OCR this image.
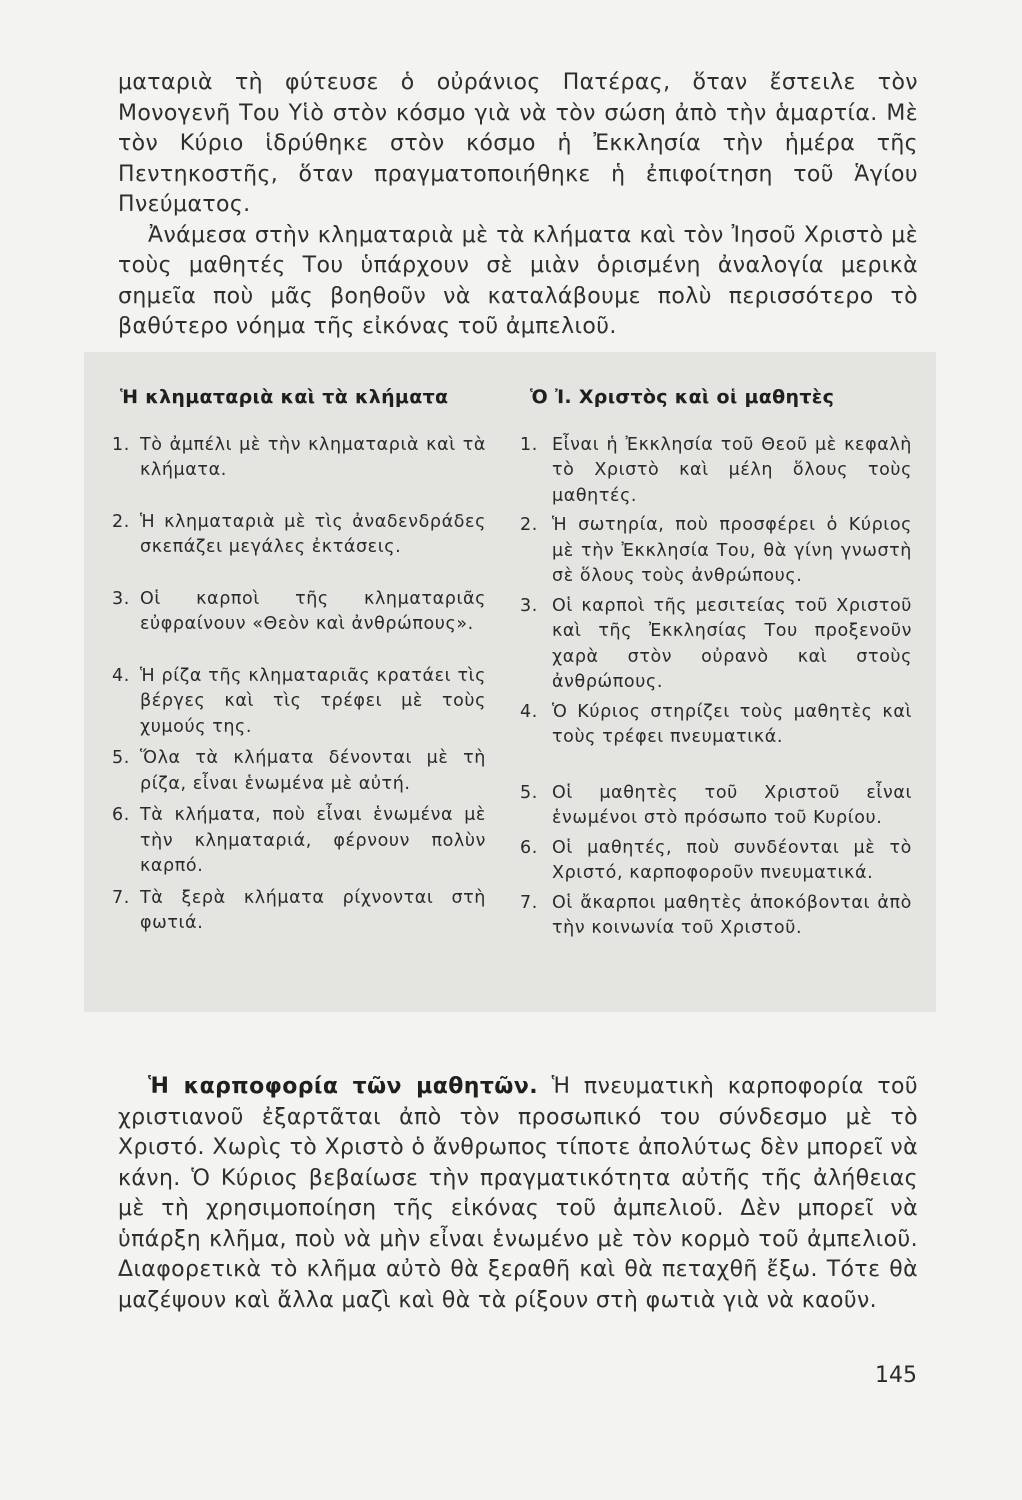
ματαριὰ τὴ φύτευσε ὁ οὐράνιος Πατέρας, ὅταν ἔστειλε τὸν Μονογενῆ Του Υἱὸ στὸν κόσμο γιὰ νὰ τὸν σώση ἀπὸ τὴν ἁμαρτία. Μὲ τὸν Κύριο ἱδρύθηκε στὸν κόσμο ἡ Ἐκκλησία τὴν ἡμέρα τῆς Πεντηκοστῆς, ὅταν πραγματοποιήθηκε ἡ ἐπιφοίτηση τοῦ Ἁγίου Πνεύματος.

Ἀνάμεσα στὴν κληματαριὰ μὲ τὰ κλήματα καὶ τὸν Ἰησοῦ Χριστὸ μὲ τοὺς μαθητές Του ὑπάρχουν σὲ μιὰν ὁρισμένη ἀναλογία μερικὰ σημεῖα ποὺ μᾶς βοηθοῦν νὰ καταλάβουμε πολὺ περισσότερο τὸ βαθύτερο νόημα τῆς εἰκόνας τοῦ ἀμπελιοῦ.

Ἡ κληματαριὰ καὶ τὰ κλήματα
1. Τὸ ἀμπέλι μὲ τὴν κληματαριὰ καὶ τὰ κλήματα.
2. Ἡ κληματαριὰ μὲ τὶς ἀναδενδράδες σκεπάζει μεγάλες ἐκτάσεις.
3. Οἱ καρποὶ τῆς κληματαριᾶς εὐφραίνουν «Θεὸν καὶ ἀνθρώπους».
4. Ἡ ρίζα τῆς κληματαριᾶς κρατάει τὶς βέργες καὶ τὶς τρέφει μὲ τοὺς χυμούς της.
5. Ὅλα τὰ κλήματα δένονται μὲ τὴ ρίζα, εἶναι ἑνωμένα μὲ αὐτή.
6. Τὰ κλήματα, ποὺ εἶναι ἑνωμένα μὲ τὴν κληματαριά, φέρνουν πολὺν καρπό.
7. Τὰ ξερὰ κλήματα ρίχνονται στὴ φωτιά.
Ὁ Ἰ. Χριστὸς καὶ οἱ μαθητὲς
1. Εἶναι ἡ Ἐκκλησία τοῦ Θεοῦ μὲ κεφαλὴ τὸ Χριστὸ καὶ μέλη ὅλους τοὺς μαθητές.
2. Ἡ σωτηρία, ποὺ προσφέρει ὁ Κύριος μὲ τὴν Ἐκκλησία Του, θὰ γίνη γνωστὴ σὲ ὅλους τοὺς ἀνθρώπους.
3. Οἱ καρποὶ τῆς μεσιτείας τοῦ Χριστοῦ καὶ τῆς Ἐκκλησίας Του προξενοῦν χαρὰ στὸν οὐρανὸ καὶ στοὺς ἀνθρώπους.
4. Ὁ Κύριος στηρίζει τοὺς μαθητὲς καὶ τοὺς τρέφει πνευματικά.
5. Οἱ μαθητὲς τοῦ Χριστοῦ εἶναι ἑνωμένοι στὸ πρόσωπο τοῦ Κυρίου.
6. Οἱ μαθητές, ποὺ συνδέονται μὲ τὸ Χριστό, καρποφοροῦν πνευματικά.
7. Οἱ ἄκαρποι μαθητὲς ἀποκόβονται ἀπὸ τὴν κοινωνία τοῦ Χριστοῦ.

Ἡ καρποφορία τῶν μαθητῶν. Ἡ πνευματικὴ καρποφορία τοῦ χριστιανοῦ ἐξαρτᾶται ἀπὸ τὸν προσωπικό του σύνδεσμο μὲ τὸ Χριστό. Χωρὶς τὸ Χριστὸ ὁ ἄνθρωπος τίποτε ἀπολύτως δὲν μπορεῖ νὰ κάνη. Ὁ Κύριος βεβαίωσε τὴν πραγματικότητα αὐτῆς τῆς ἀλήθειας μὲ τὴ χρησιμοποίηση τῆς εἰκόνας τοῦ ἀμπελιοῦ. Δὲν μπορεῖ νὰ ὑπάρξη κλῆμα, ποὺ νὰ μὴν εἶναι ἑνωμένο μὲ τὸν κορμὸ τοῦ ἀμπελιοῦ. Διαφορετικὰ τὸ κλῆμα αὐτὸ θὰ ξεραθῆ καὶ θὰ πεταχθῆ ἔξω. Τότε θὰ μαζέψουν καὶ ἄλλα μαζὶ καὶ θὰ τὰ ρίξουν στὴ φωτιὰ γιὰ νὰ καοῦν.

145
